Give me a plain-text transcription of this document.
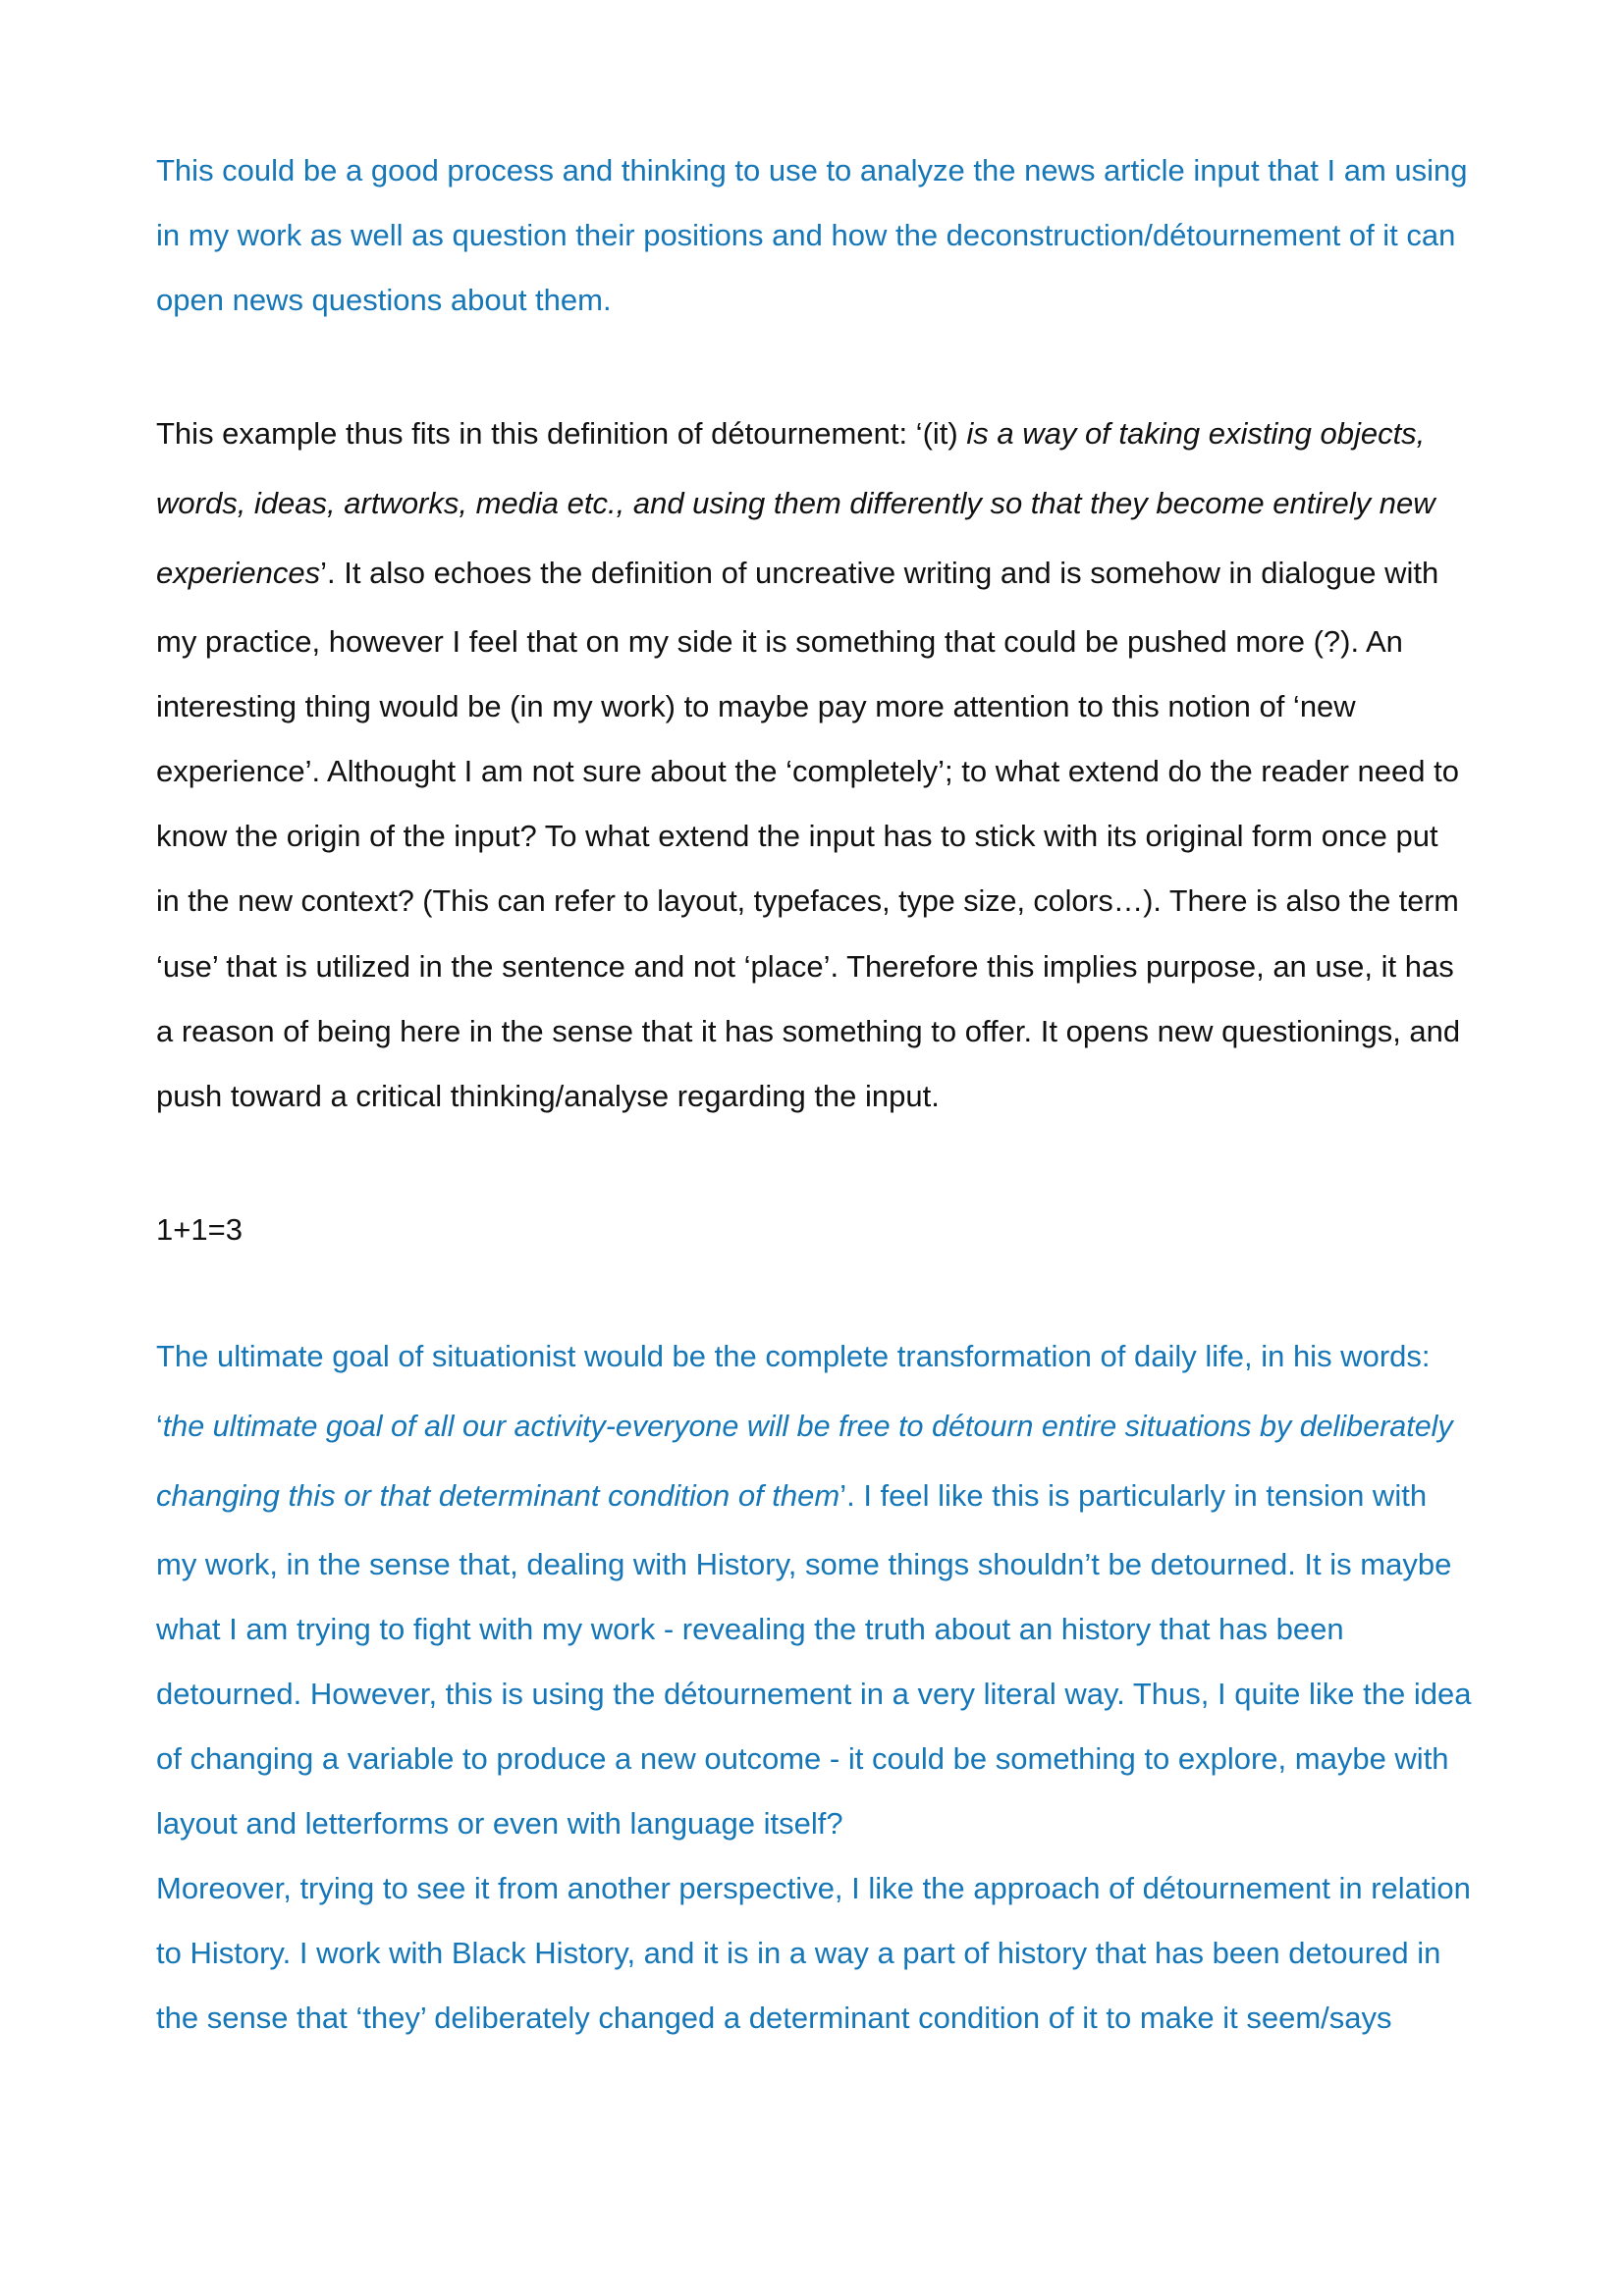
This could be a good process and thinking to use to analyze the news article input that I am using
in my work as well as question their positions and how the deconstruction/détournement of it can
open news questions about them.
This example thus fits in this definition of détournement: ‘(it) is a way of taking existing objects,
words, ideas, artworks, media etc., and using them differently so that they become entirely new
experiences’. It also echoes the definition of uncreative writing and is somehow in dialogue with
my practice, however I feel that on my side it is something that could be pushed more (?). An
interesting thing would be (in my work) to maybe pay more attention to this notion of ‘new
experience’. Althought I am not sure about the ‘completely’; to what extend do the reader need to
know the origin of the input? To what extend the input has to stick with its original form once put
in the new context? (This can refer to layout, typefaces, type size, colors…). There is also the term
‘use’ that is utilized in the sentence and not ‘place’. Therefore this implies purpose, an use, it has
a reason of being here in the sense that it has something to offer. It opens new questionings, and
push toward a critical thinking/analyse regarding the input.
1+1=3
The ultimate goal of situationist would be the complete transformation of daily life, in his words:
‘the ultimate goal of all our activity-everyone will be free to détourn entire situations by deliberately
changing this or that determinant condition of them’. I feel like this is particularly in tension with
my work, in the sense that, dealing with History, some things shouldn’t be detourned. It is maybe
what I am trying to fight with my work - revealing the truth about an history that has been
detourned. However, this is using the détournement in a very literal way. Thus, I quite like the idea
of changing a variable to produce a new outcome - it could be something to explore, maybe with
layout and letterforms or even with language itself?
Moreover, trying to see it from another perspective, I like the approach of détournement in relation
to History. I work with Black History, and it is in a way a part of history that has been detoured in
the sense that ‘they’ deliberately changed a determinant condition of it to make it seem/says
